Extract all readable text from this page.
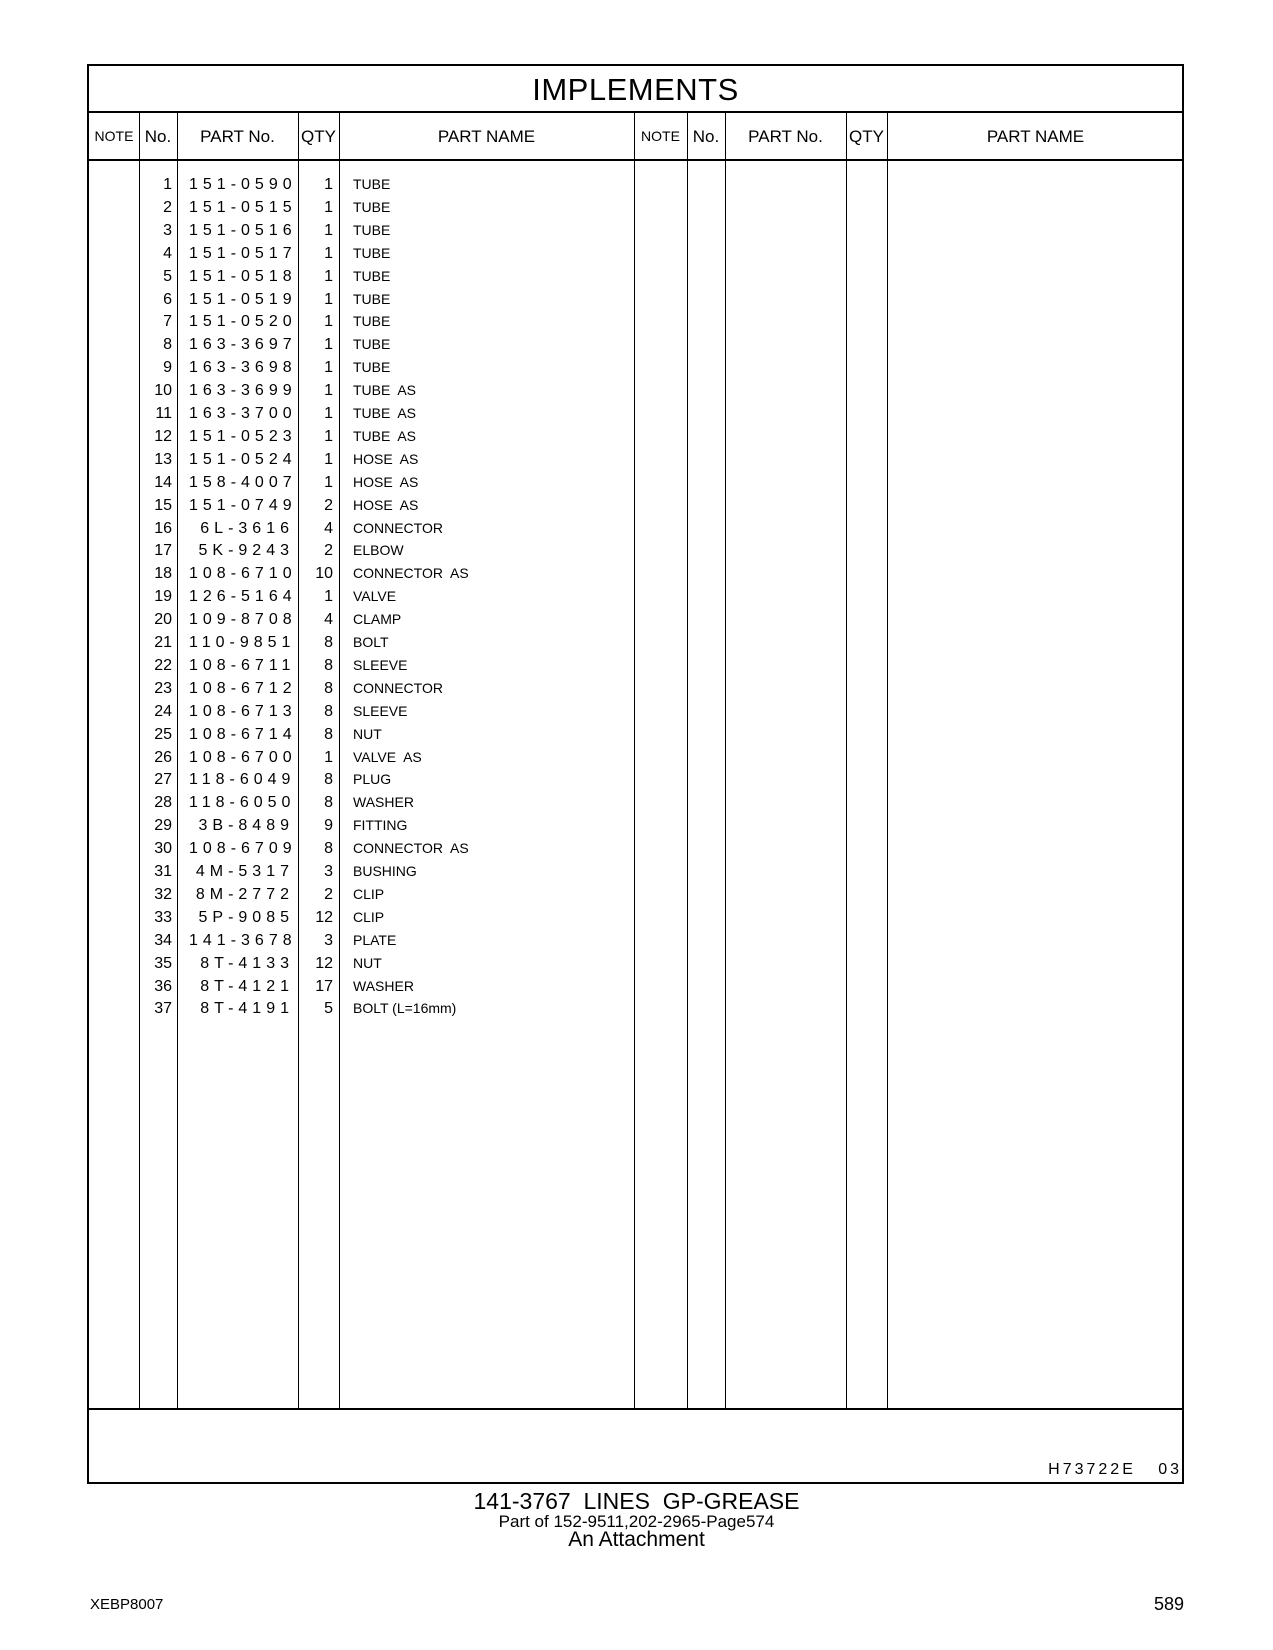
IMPLEMENTS
NOTE No.	PART No.	QTY	PART NAME	NOTE No.	PART No.	QTY	PART NAME
1 151-0590	1 TUBE
2 151-0515	1 TUBE
3 151-0516	1 TUBE
4 151-0517	1 TUBE
5 151-0518	1 TUBE
6 151-0519	1 TUBE
7 151-0520	1 TUBE
8 163-3697	1 TUBE
9 163-3698	1 TUBE
10 163-3699	1 TUBE  AS
11 163-3700	1 TUBE  AS
12 151-0523	1 TUBE  AS
13 151-0524	1 HOSE  AS
14 158-4007	1 HOSE  AS
15 151-0749	2 HOSE  AS
16	6L-3616	4 CONNECTOR
17	5K-9243	2 ELBOW
18 108-6710	10 CONNECTOR  AS
19 126-5164	1 VALVE
20 109-8708	4 CLAMP
21 110-9851	8 BOLT
22 108-6711	8 SLEEVE
23 108-6712	8 CONNECTOR
24 108-6713	8 SLEEVE
25 108-6714	8 NUT
26 108-6700	1 VALVE  AS
27 118-6049	8 PLUG
28 118-6050	8 WASHER
29	3B-8489	9 FITTING
30 108-6709	8 CONNECTOR  AS
31	4M-5317	3 BUSHING
32	8M-2772	2 CLIP
33	5P-9085	12 CLIP
34 141-3678	3 PLATE
35	8T-4133	12 NUT
36	8T-4121	17 WASHER
37	8T-4191	5 BOLT (L=16mm)
H73722E   03
141-3767  LINES  GP-GREASE
Part of 152-9511,202-2965-Page574
An Attachment
XEBP8007	589
